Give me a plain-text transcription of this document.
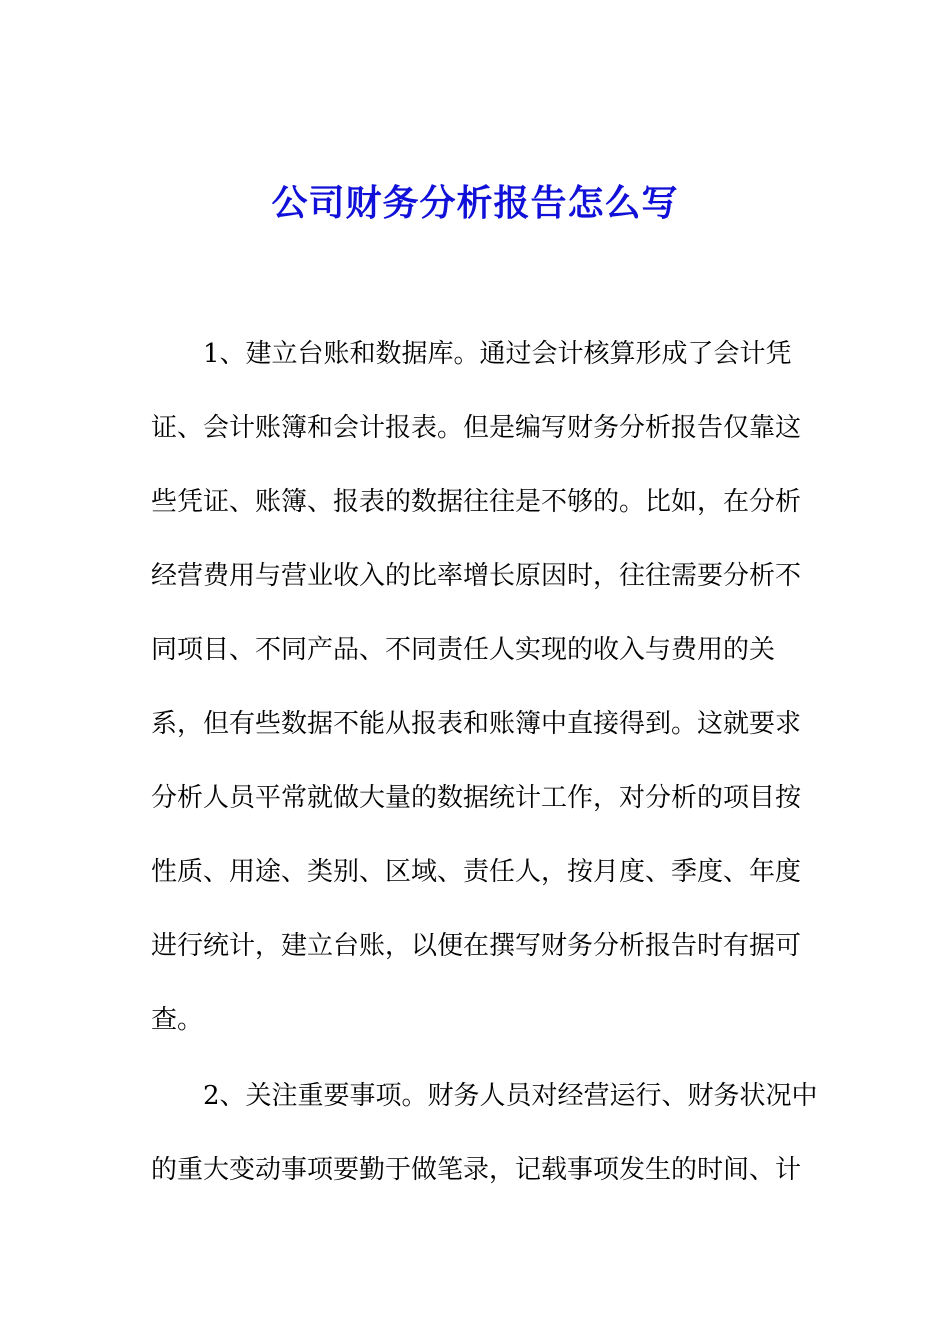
公司财务分析报告怎么写
1、建立台账和数据库。通过会计核算形成了会计凭
证、会计账簿和会计报表。但是编写财务分析报告仅靠这
些凭证、账簿、报表的数据往往是不够的。比如，在分析
经营费用与营业收入的比率增长原因时，往往需要分析不
同项目、不同产品、不同责任人实现的收入与费用的关
系，但有些数据不能从报表和账簿中直接得到。这就要求
分析人员平常就做大量的数据统计工作，对分析的项目按
性质、用途、类别、区域、责任人，按月度、季度、年度
进行统计，建立台账，以便在撰写财务分析报告时有据可
查。
2、关注重要事项。财务人员对经营运行、财务状况中
的重大变动事项要勤于做笔录，记载事项发生的时间、计
